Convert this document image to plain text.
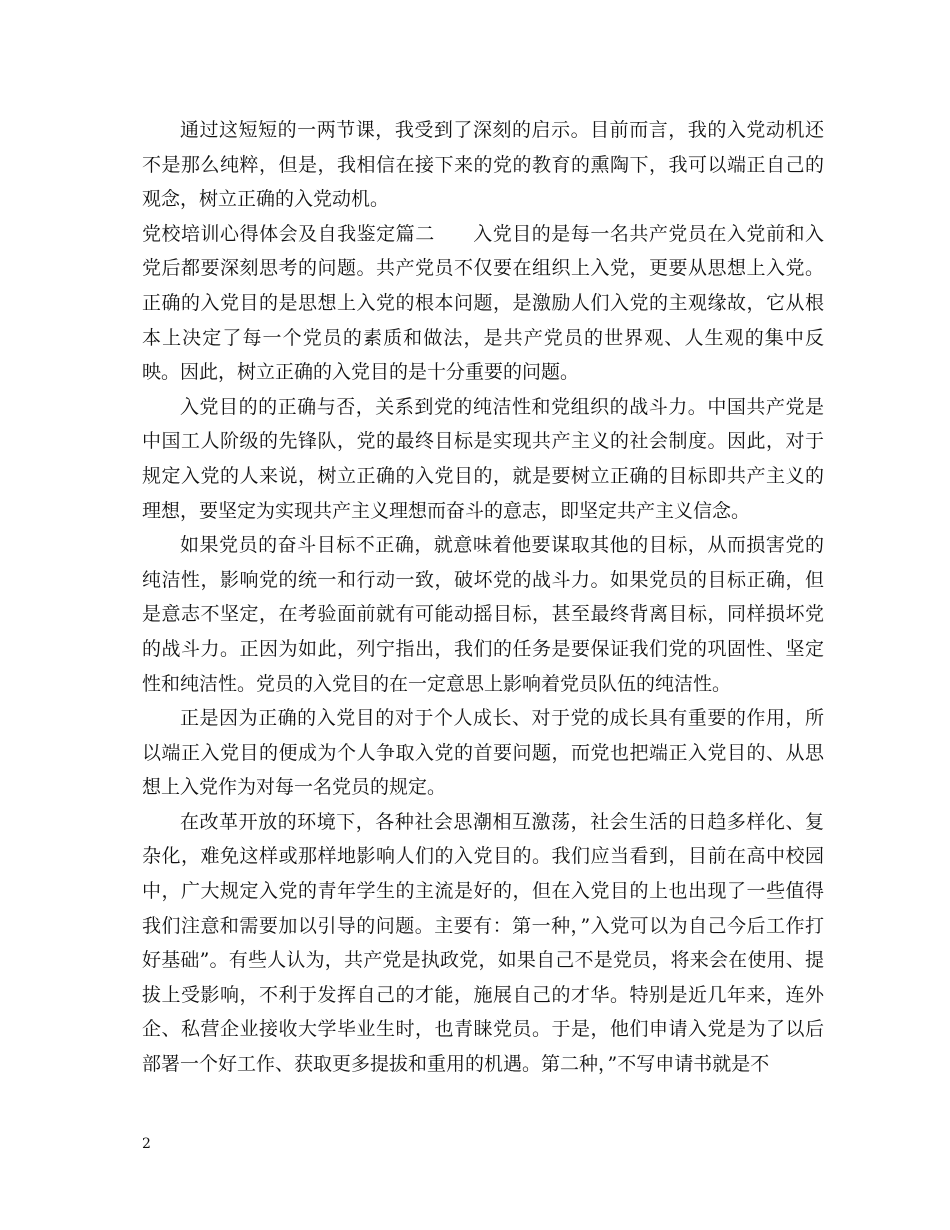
通过这短短的一两节课，我受到了深刻的启示。目前而言，我的入党动机还不是那么纯粹，但是，我相信在接下来的党的教育的熏陶下，我可以端正自己的观念，树立正确的入党动机。

党校培训心得体会及自我鉴定篇二 入党目的是每一名共产党员在入党前和入党后都要深刻思考的问题。共产党员不仅要在组织上入党，更要从思想上入党。正确的入党目的是思想上入党的根本问题，是激励人们入党的主观缘故，它从根本上决定了每一个党员的素质和做法，是共产党员的世界观、人生观的集中反映。因此，树立正确的入党目的是十分重要的问题。

入党目的的正确与否，关系到党的纯洁性和党组织的战斗力。中国共产党是中国工人阶级的先锋队，党的最终目标是实现共产主义的社会制度。因此，对于规定入党的人来说，树立正确的入党目的，就是要树立正确的目标即共产主义的理想，要坚定为实现共产主义理想而奋斗的意志，即坚定共产主义信念。

如果党员的奋斗目标不正确，就意味着他要谋取其他的目标，从而损害党的纯洁性，影响党的统一和行动一致，破坏党的战斗力。如果党员的目标正确，但是意志不坚定，在考验面前就有可能动摇目标，甚至最终背离目标，同样损坏党的战斗力。正因为如此，列宁指出，我们的任务是要保证我们党的巩固性、坚定性和纯洁性。党员的入党目的在一定意思上影响着党员队伍的纯洁性。

正是因为正确的入党目的对于个人成长、对于党的成长具有重要的作用，所以端正入党目的便成为个人争取入党的首要问题，而党也把端正入党目的、从思想上入党作为对每一名党员的规定。

在改革开放的环境下，各种社会思潮相互激荡，社会生活的日趋多样化、复杂化，难免这样或那样地影响人们的入党目的。我们应当看到，目前在高中校园中，广大规定入党的青年学生的主流是好的，但在入党目的上也出现了一些值得我们注意和需要加以引导的问题。主要有：第一种，”入党可以为自己今后工作打好基础”。有些人认为，共产党是执政党，如果自己不是党员，将来会在使用、提拔上受影响，不利于发挥自己的才能，施展自己的才华。特别是近几年来，连外企、私营企业接收大学毕业生时，也青睐党员。于是，他们申请入党是为了以后部署一个好工作、获取更多提拔和重用的机遇。第二种，”不写申请书就是不

2
